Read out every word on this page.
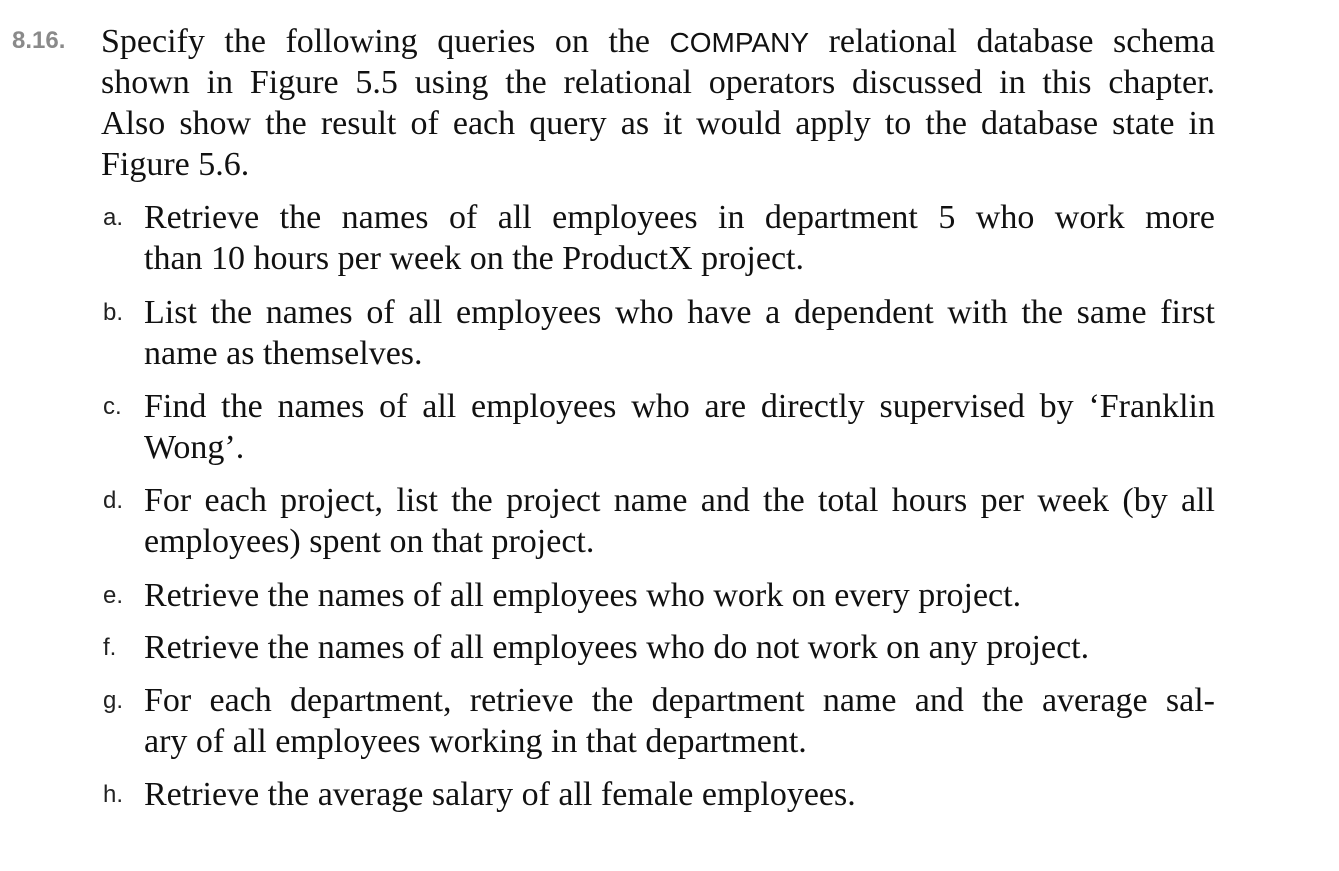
8.16. Specify the following queries on the COMPANY relational database schema
shown in Figure 5.5 using the relational operators discussed in this chapter.
Also show the result of each query as it would apply to the database state in
Figure 5.6.
a. Retrieve the names of all employees in department 5 who work more
than 10 hours per week on the ProductX project.
b. List the names of all employees who have a dependent with the same first
name as themselves.
c. Find the names of all employees who are directly supervised by ‘Franklin
Wong’.
d. For each project, list the project name and the total hours per week (by all
employees) spent on that project.
e. Retrieve the names of all employees who work on every project.
f. Retrieve the names of all employees who do not work on any project.
g. For each department, retrieve the department name and the average sal-
ary of all employees working in that department.
h. Retrieve the average salary of all female employees.
